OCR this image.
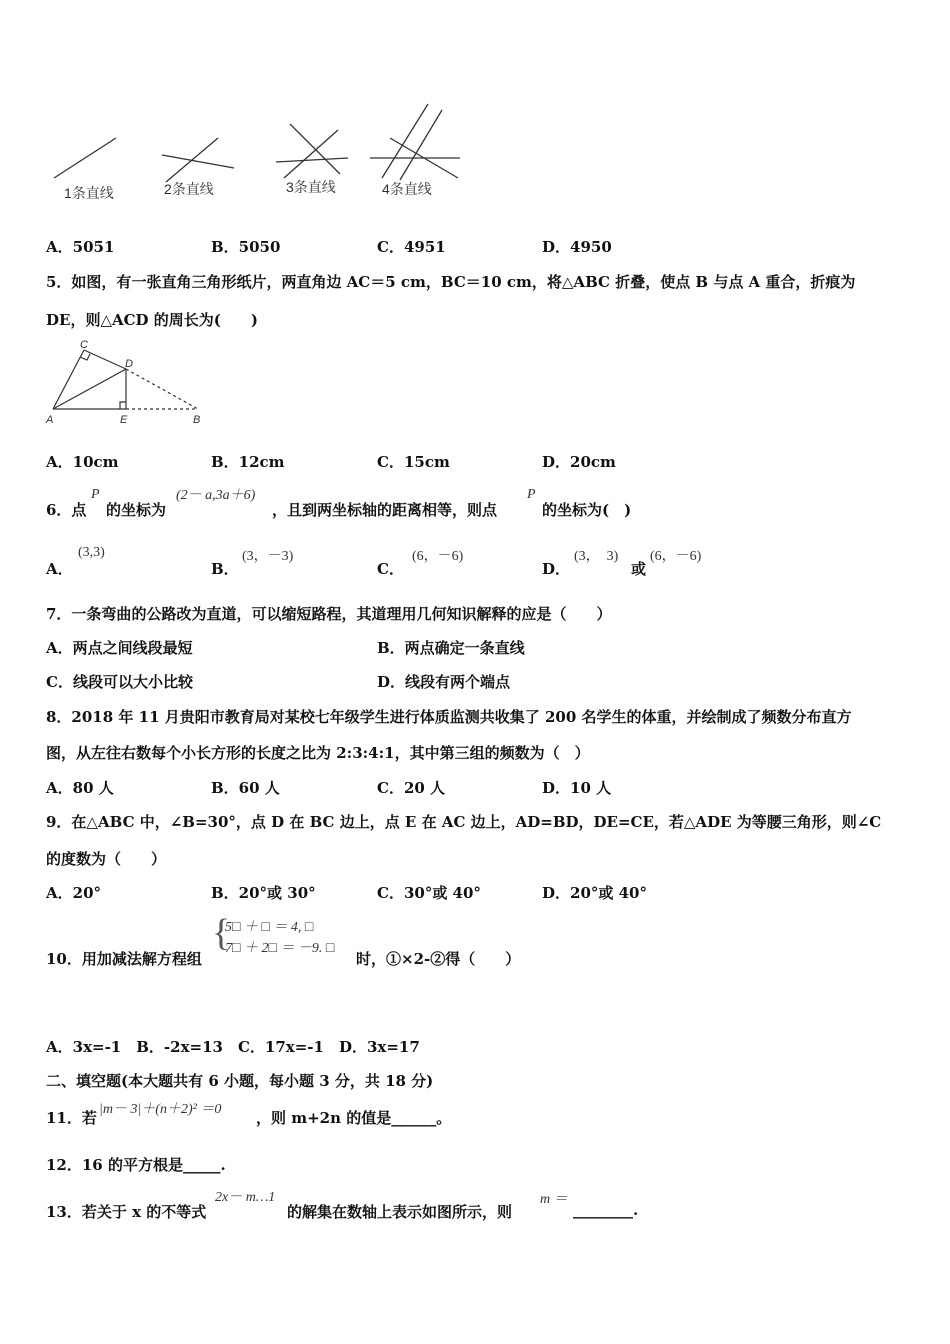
1条直线	2条直线	3条直线	4条直线
A．5051	B．5050	C．4951	D．4950
5．如图，有一张直角三角形纸片，两直角边 AC＝5 cm，BC＝10 cm，将△ABC 折叠，使点 B 与点 A 重合，折痕为
DE，则△ACD 的周长为(　　)
C
D
A	E	B
A．10cm	B．12cm	C．15cm	D．20cm
6．点
P
的坐标为
(2－ a,3a＋6)
，且到两坐标轴的距离相等，则点
P
的坐标为(　)
A．
(3,3)
B．
(3，－3)
C．
(6，－6)
D．
(3，　3)
或
(6，－6)
7．一条弯曲的公路改为直道，可以缩短路程，其道理用几何知识解释的应是（　　）
A．两点之间线段最短	B．两点确定一条直线
C．线段可以大小比较	D．线段有两个端点
8．2018 年 11 月贵阳市教育局对某校七年级学生进行体质监测共收集了 200 名学生的体重，并绘制成了频数分布直方
图，从左往右数每个小长方形的长度之比为 2:3:4:1，其中第三组的频数为（　）
A．80 人	B．60 人	C．20 人	D．10 人
9．在△ABC 中，∠B=30°，点 D 在 BC 边上，点 E 在 AC 边上，AD=BD，DE=CE，若△ADE 为等腰三角形，则∠C
的度数为（　　）
A．20°	B．20°或 30°	C．30°或 40°	D．20°或 40°
10．用加减法解方程组
{
5□ ＋ □ ＝ 4, □
7□ ＋ 2□ ＝ －9. □
时，①×2-②得（　　）
A．3x=-1　B．-2x=13　C．17x=-1　D．3x=17
二、填空题(本大题共有 6 小题，每小题 3 分，共 18 分)
11．若 |m－ 3|＋(n＋2)² ＝0 ，则 m+2n 的值是______。
12．16 的平方根是_____.
13．若关于 x 的不等式
2x－ m…1
的解集在数轴上表示如图所示，则
m ＝
________.
